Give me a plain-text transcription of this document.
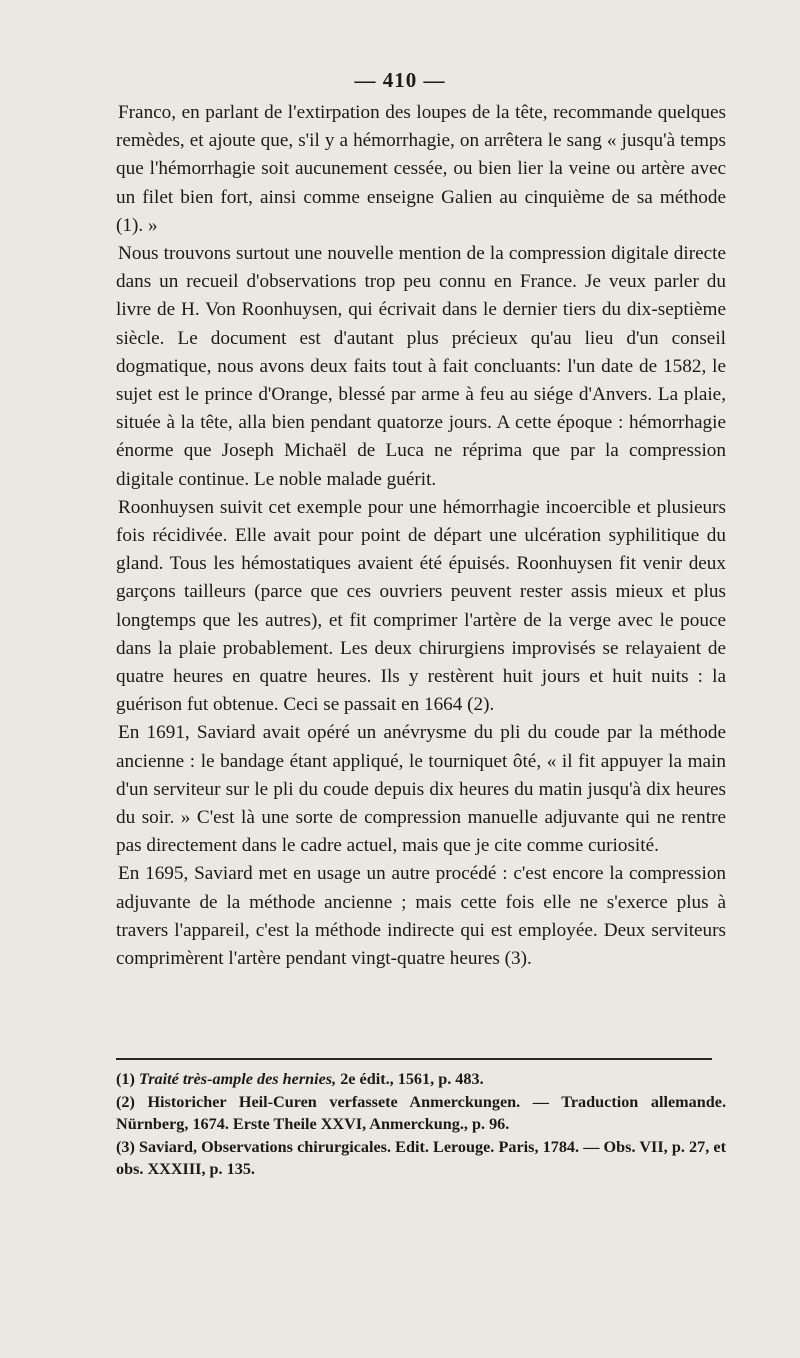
— 410 —

Franco, en parlant de l'extirpation des loupes de la tête, recommande quelques remèdes, et ajoute que, s'il y a hémorrhagie, on arrêtera le sang « jusqu'à temps que l'hémorrhagie soit aucunement cessée, ou bien lier la veine ou artère avec un filet bien fort, ainsi comme enseigne Galien au cinquième de sa méthode (1). »

Nous trouvons surtout une nouvelle mention de la compression digitale directe dans un recueil d'observations trop peu connu en France. Je veux parler du livre de H. Von Roonhuysen, qui écrivait dans le dernier tiers du dix-septième siècle. Le document est d'autant plus précieux qu'au lieu d'un conseil dogmatique, nous avons deux faits tout à fait concluants: l'un date de 1582, le sujet est le prince d'Orange, blessé par arme à feu au siége d'Anvers. La plaie, située à la tête, alla bien pendant quatorze jours. A cette époque : hémorrhagie énorme que Joseph Michaël de Luca ne réprima que par la compression digitale continue. Le noble malade guérit.

Roonhuysen suivit cet exemple pour une hémorrhagie incoercible et plusieurs fois récidivée. Elle avait pour point de départ une ulcération syphilitique du gland. Tous les hémostatiques avaient été épuisés. Roonhuysen fit venir deux garçons tailleurs (parce que ces ouvriers peuvent rester assis mieux et plus longtemps que les autres), et fit comprimer l'artère de la verge avec le pouce dans la plaie probablement. Les deux chirurgiens improvisés se relayaient de quatre heures en quatre heures. Ils y restèrent huit jours et huit nuits : la guérison fut obtenue. Ceci se passait en 1664 (2).

En 1691, Saviard avait opéré un anévrysme du pli du coude par la méthode ancienne : le bandage étant appliqué, le tourniquet ôté, « il fit appuyer la main d'un serviteur sur le pli du coude depuis dix heures du matin jusqu'à dix heures du soir. » C'est là une sorte de compression manuelle adjuvante qui ne rentre pas directement dans le cadre actuel, mais que je cite comme curiosité.

En 1695, Saviard met en usage un autre procédé : c'est encore la compression adjuvante de la méthode ancienne ; mais cette fois elle ne s'exerce plus à travers l'appareil, c'est la méthode indirecte qui est employée. Deux serviteurs comprimèrent l'artère pendant vingt-quatre heures (3).

(1) Traité très-ample des hernies, 2e édit., 1561, p. 483.

(2) Historicher Heil-Curen verfassete Anmerckungen. — Traduction allemande. Nürnberg, 1674. Erste Theile XXVI, Anmerckung., p. 96.

(3) Saviard, Observations chirurgicales. Edit. Lerouge. Paris, 1784. — Obs. VII, p. 27, et obs. XXXIII, p. 135.
